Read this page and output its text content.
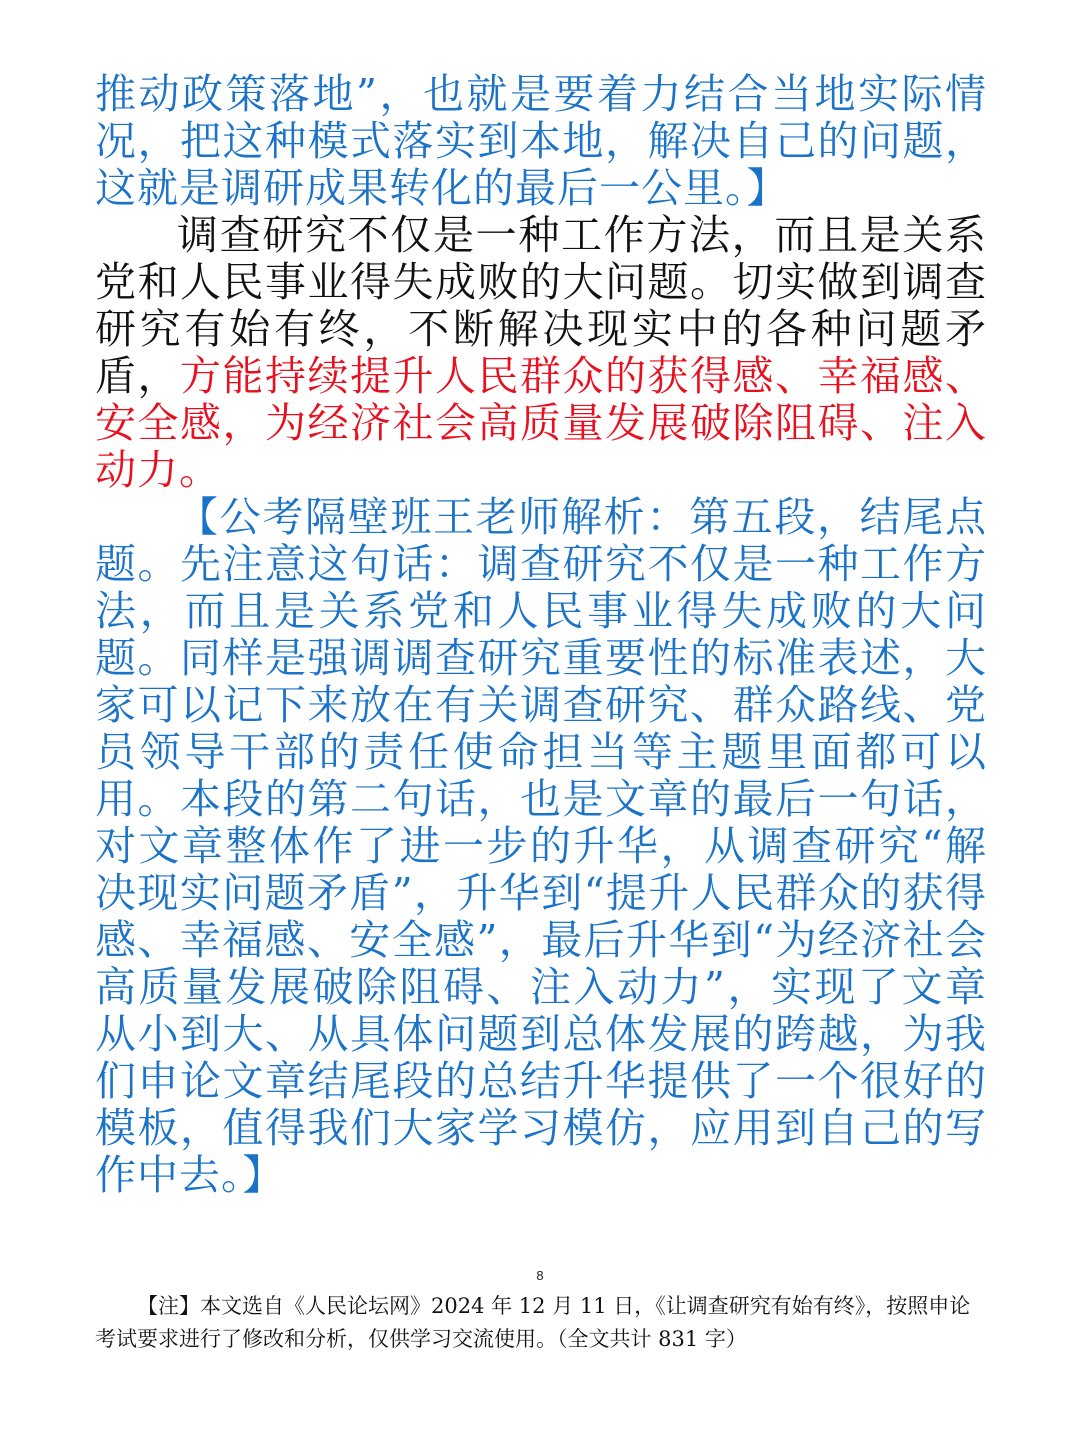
推动政策落地”，也就是要着力结合当地实际情况，把这种模式落实到本地，解决自己的问题，这就是调研成果转化的最后一公里。】

调查研究不仅是一种工作方法，而且是关系党和人民事业得失成败的大问题。切实做到调查研究有始有终，不断解决现实中的各种问题矛盾，方能持续提升人民群众的获得感、幸福感、安全感，为经济社会高质量发展破除阻碍、注入动力。

【公考隔壁班王老师解析：第五段，结尾点题。先注意这句话：调查研究不仅是一种工作方法，而且是关系党和人民事业得失成败的大问题。同样是强调调查研究重要性的标准表述，大家可以记下来放在有关调查研究、群众路线、党员领导干部的责任使命担当等主题里面都可以用。本段的第二句话，也是文章的最后一句话，对文章整体作了进一步的升华，从调查研究“解决现实问题矛盾”，升华到“提升人民群众的获得感、幸福感、安全感”，最后升华到“为经济社会高质量发展破除阻碍、注入动力”，实现了文章从小到大、从具体问题到总体发展的跨越，为我们申论文章结尾段的总结升华提供了一个很好的模板，值得我们大家学习模仿，应用到自己的写作中去。】

8
【注】本文选自《人民论坛网》2024 年 12 月 11 日，《让调查研究有始有终》，按照申论考试要求进行了修改和分析，仅供学习交流使用。（全文共计 831 字）
